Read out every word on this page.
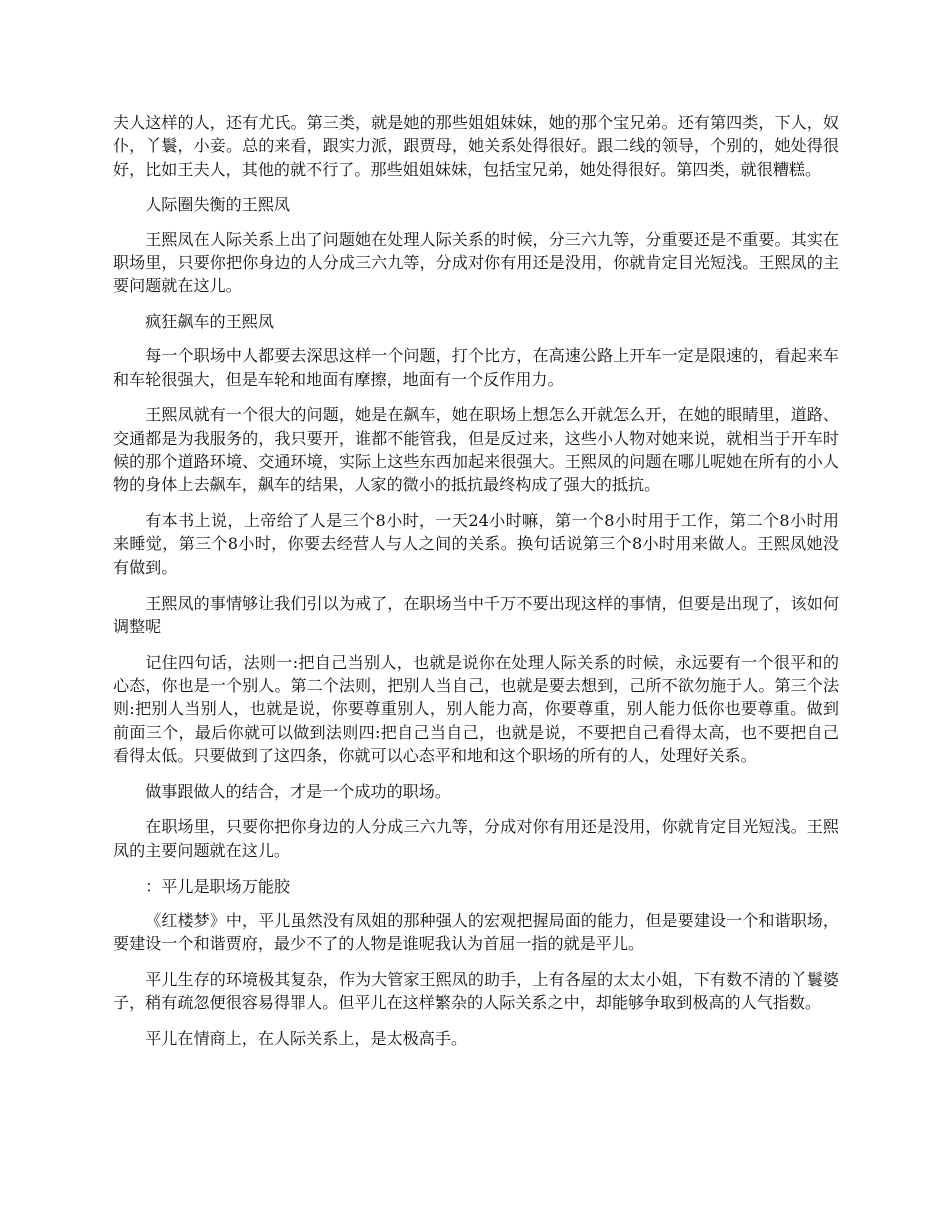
夫人这样的人，还有尤氏。第三类，就是她的那些姐姐妹妹，她的那个宝兄弟。还有第四类，下人，奴仆，丫鬟，小妾。总的来看，跟实力派，跟贾母，她关系处得很好。跟二线的领导，个别的，她处得很好，比如王夫人，其他的就不行了。那些姐姐妹妹，包括宝兄弟，她处得很好。第四类，就很糟糕。

人际圈失衡的王熙凤

王熙凤在人际关系上出了问题她在处理人际关系的时候，分三六九等，分重要还是不重要。其实在职场里，只要你把你身边的人分成三六九等，分成对你有用还是没用，你就肯定目光短浅。王熙凤的主要问题就在这儿。

疯狂飙车的王熙凤

每一个职场中人都要去深思这样一个问题，打个比方，在高速公路上开车一定是限速的，看起来车和车轮很强大，但是车轮和地面有摩擦，地面有一个反作用力。

王熙凤就有一个很大的问题，她是在飙车，她在职场上想怎么开就怎么开，在她的眼睛里，道路、交通都是为我服务的，我只要开，谁都不能管我，但是反过来，这些小人物对她来说，就相当于开车时候的那个道路环境、交通环境，实际上这些东西加起来很强大。王熙凤的问题在哪儿呢她在所有的小人物的身体上去飙车，飙车的结果，人家的微小的抵抗最终构成了强大的抵抗。

有本书上说，上帝给了人是三个8小时，一天24小时嘛，第一个8小时用于工作，第二个8小时用来睡觉，第三个8小时，你要去经营人与人之间的关系。换句话说第三个8小时用来做人。王熙凤她没有做到。

王熙凤的事情够让我们引以为戒了，在职场当中千万不要出现这样的事情，但要是出现了，该如何调整呢

记住四句话，法则一:把自己当别人，也就是说你在处理人际关系的时候，永远要有一个很平和的心态，你也是一个别人。第二个法则，把别人当自己，也就是要去想到，己所不欲勿施于人。第三个法则:把别人当别人，也就是说，你要尊重别人，别人能力高，你要尊重，别人能力低你也要尊重。做到前面三个，最后你就可以做到法则四:把自己当自己，也就是说，不要把自己看得太高，也不要把自己看得太低。只要做到了这四条，你就可以心态平和地和这个职场的所有的人，处理好关系。

做事跟做人的结合，才是一个成功的职场。

在职场里，只要你把你身边的人分成三六九等，分成对你有用还是没用，你就肯定目光短浅。王熙凤的主要问题就在这儿。

：平儿是职场万能胶

《红楼梦》中，平儿虽然没有凤姐的那种强人的宏观把握局面的能力，但是要建设一个和谐职场，要建设一个和谐贾府，最少不了的人物是谁呢我认为首屈一指的就是平儿。

平儿生存的环境极其复杂，作为大管家王熙凤的助手，上有各屋的太太小姐，下有数不清的丫鬟婆子，稍有疏忽便很容易得罪人。但平儿在这样繁杂的人际关系之中，却能够争取到极高的人气指数。

平儿在情商上，在人际关系上，是太极高手。
